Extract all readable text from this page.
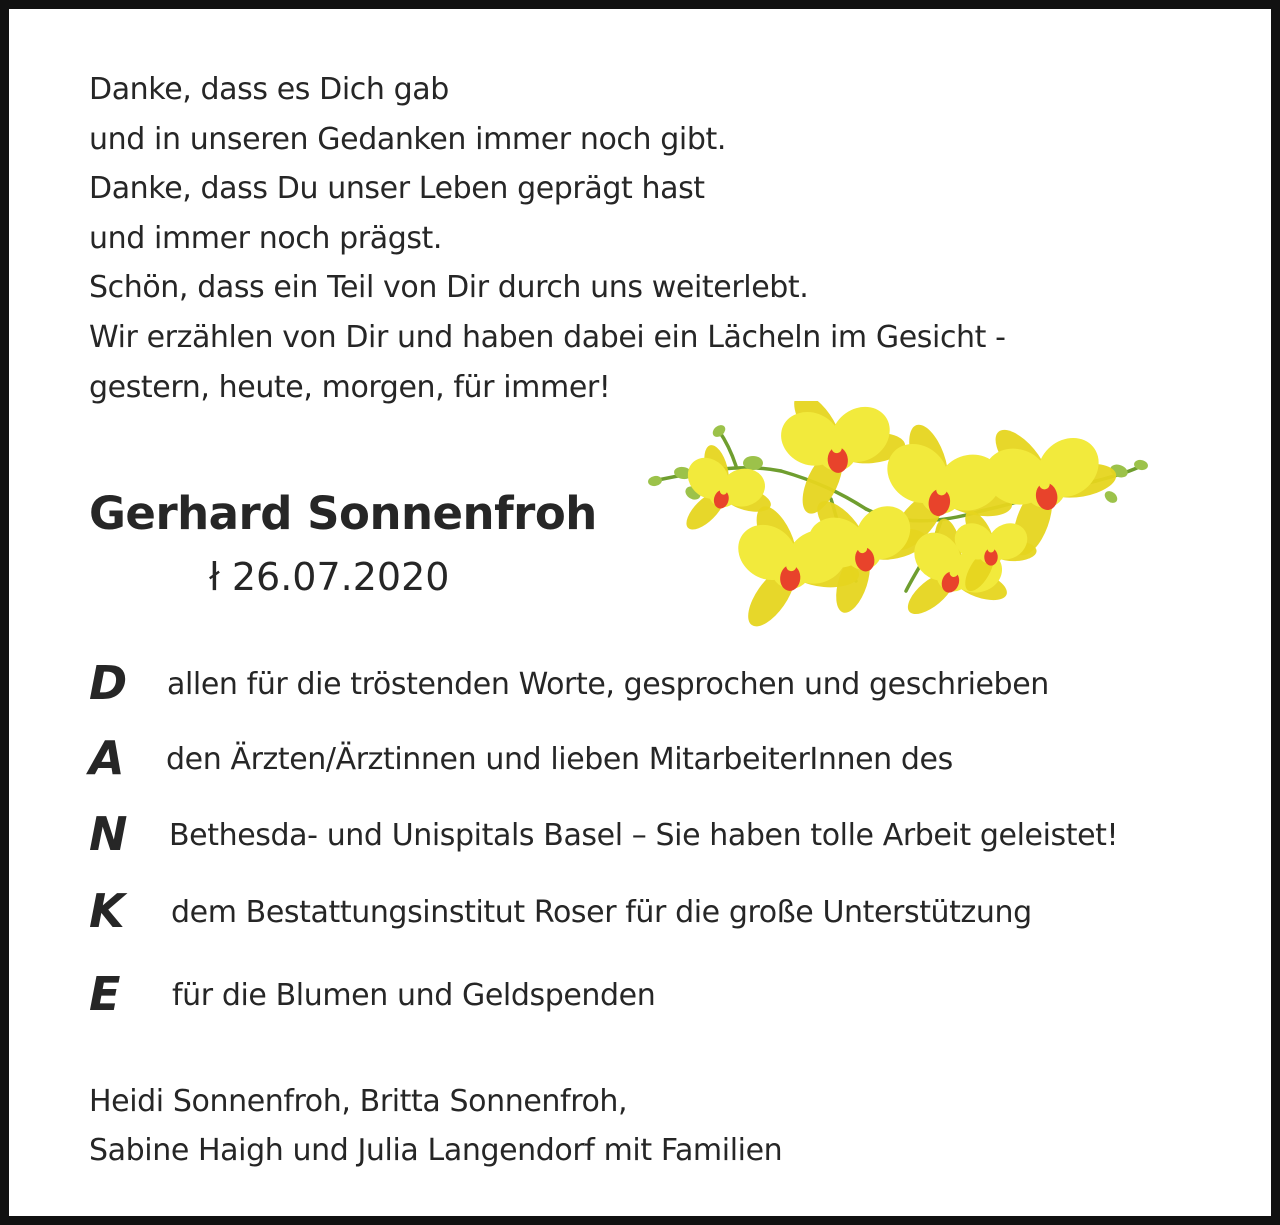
Danke, dass es Dich gab
und in unseren Gedanken immer noch gibt.
Danke, dass Du unser Leben geprägt hast
und immer noch prägst.
Schön, dass ein Teil von Dir durch uns weiterlebt.
Wir erzählen von Dir und haben dabei ein Lächeln im Gesicht -
gestern, heute, morgen, für immer!
Gerhard Sonnenfroh
ł 26.07.2020
D allen für die tröstenden Worte, gesprochen und geschrieben
A den Ärzten/Ärztinnen und lieben MitarbeiterInnen des
N Bethesda- und Unispitals Basel – Sie haben tolle Arbeit geleistet!
K dem Bestattungsinstitut Roser für die große Unterstützung
E für die Blumen und Geldspenden
Heidi Sonnenfroh, Britta Sonnenfroh,
Sabine Haigh und Julia Langendorf mit Familien
